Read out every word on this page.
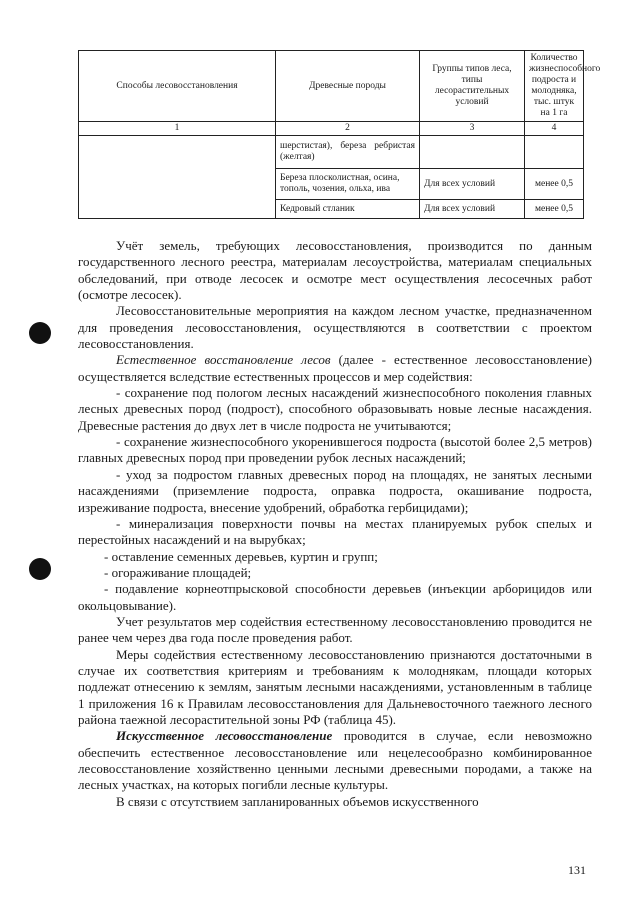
Способы лесовосстановления	Древесные породы	Группы типов леса, типы лесорастительных условий	Количество жизнеспособного подроста и молодняка, тыс. штук на 1 га
1	2	3	4
	шерстистая), береза ребристая (желтая)		
	Береза плосколистная, осина, тополь, чозения, ольха, ива	Для всех условий	менее 0,5
	Кедровый стланик	Для всех условий	менее 0,5

Учёт земель, требующих лесовосстановления, производится по данным государственного лесного реестра, материалам лесоустройства, материалам специальных обследований, при отводе лесосек и осмотре мест осуществления лесосечных работ (осмотре лесосек).

Лесовосстановительные мероприятия на каждом лесном участке, предназначенном для проведения лесовосстановления, осуществляются в соответствии с проектом лесовосстановления.

Естественное восстановление лесов (далее - естественное лесовосстановление) осуществляется вследствие естественных процессов и мер содействия:

- сохранение под пологом лесных насаждений жизнеспособного поколения главных лесных древесных пород (подрост), способного образовывать новые лесные насаждения. Древесные растения до двух лет в числе подроста не учитываются;

- сохранение жизнеспособного укоренившегося подроста (высотой более 2,5 метров) главных древесных пород при проведении рубок лесных насаждений;

- уход за подростом главных древесных пород на площадях, не занятых лесными насаждениями (приземление подроста, оправка подроста, окашивание подроста, изреживание подроста, внесение удобрений, обработка гербицидами);

- минерализация поверхности почвы на местах планируемых рубок спелых и перестойных насаждений и на вырубках;

- оставление семенных деревьев, куртин и групп;

- огораживание площадей;

- подавление корнеотпрысковой способности деревьев (инъекции арборицидов или окольцовывание).

Учет результатов мер содействия естественному лесовосстановлению проводится не ранее чем через два года после проведения работ.

Меры содействия естественному лесовосстановлению признаются достаточными в случае их соответствия критериям и требованиям к молоднякам, площади которых подлежат отнесению к землям, занятым лесными насаждениями, установленным в таблице 1 приложения 16 к Правилам лесовосстановления для Дальневосточного таежного лесного района таежной лесорастительной зоны РФ (таблица 45).

Искусственное лесовосстановление проводится в случае, если невозможно обеспечить естественное лесовосстановление или нецелесообразно комбинированное лесовосстановление хозяйственно ценными лесными древесными породами, а также на лесных участках, на которых погибли лесные культуры.

В связи с отсутствием запланированных объемов искусственного

131
